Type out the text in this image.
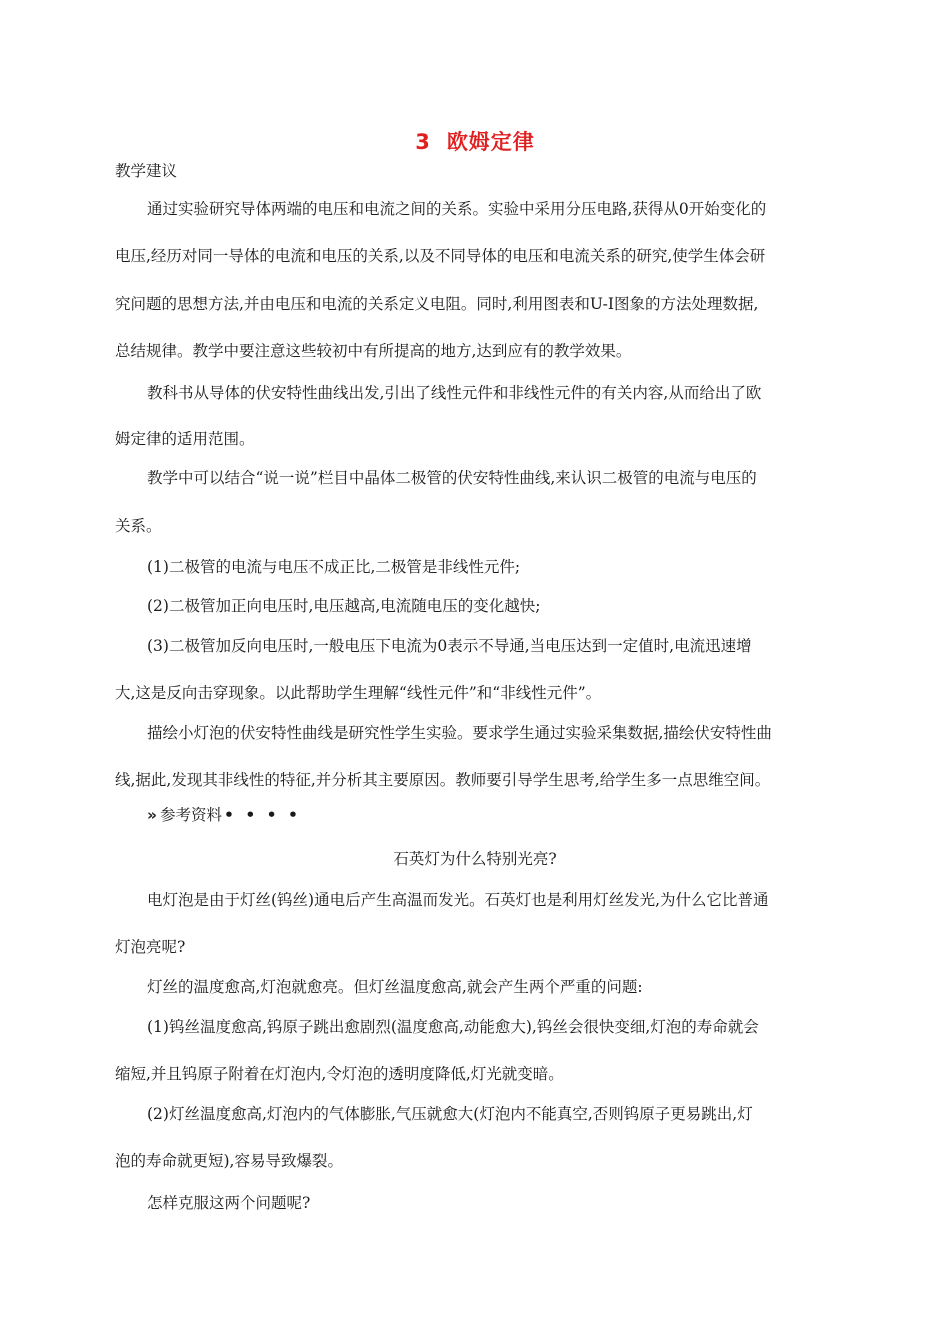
3 欧姆定律
教学建议
通过实验研究导体两端的电压和电流之间的关系。实验中采用分压电路,获得从0开始变化的
电压,经历对同一导体的电流和电压的关系,以及不同导体的电压和电流关系的研究,使学生体会研
究问题的思想方法,并由电压和电流的关系定义电阻。同时,利用图表和U-I图象的方法处理数据,
总结规律。教学中要注意这些较初中有所提高的地方,达到应有的教学效果。
教科书从导体的伏安特性曲线出发,引出了线性元件和非线性元件的有关内容,从而给出了欧
姆定律的适用范围。
教学中可以结合“说一说”栏目中晶体二极管的伏安特性曲线,来认识二极管的电流与电压的
关系。
(1)二极管的电流与电压不成正比,二极管是非线性元件;
(2)二极管加正向电压时,电压越高,电流随电压的变化越快;
(3)二极管加反向电压时,一般电压下电流为0表示不导通,当电压达到一定值时,电流迅速增
大,这是反向击穿现象。以此帮助学生理解“线性元件”和“非线性元件”。
描绘小灯泡的伏安特性曲线是研究性学生实验。要求学生通过实验采集数据,描绘伏安特性曲
线,据此,发现其非线性的特征,并分析其主要原因。教师要引导学生思考,给学生多一点思维空间。
» 参考资料 • • • •
石英灯为什么特别光亮?
电灯泡是由于灯丝(钨丝)通电后产生高温而发光。石英灯也是利用灯丝发光,为什么它比普通
灯泡亮呢?
灯丝的温度愈高,灯泡就愈亮。但灯丝温度愈高,就会产生两个严重的问题:
(1)钨丝温度愈高,钨原子跳出愈剧烈(温度愈高,动能愈大),钨丝会很快变细,灯泡的寿命就会
缩短,并且钨原子附着在灯泡内,令灯泡的透明度降低,灯光就变暗。
(2)灯丝温度愈高,灯泡内的气体膨胀,气压就愈大(灯泡内不能真空,否则钨原子更易跳出,灯
泡的寿命就更短),容易导致爆裂。
怎样克服这两个问题呢?
